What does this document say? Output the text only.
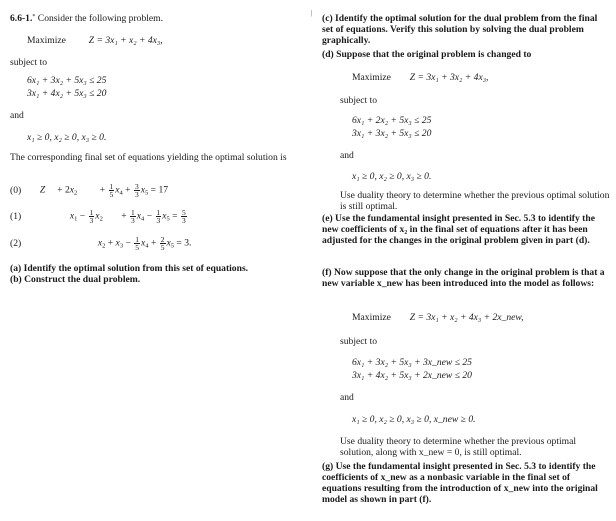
|
6.6-1.* Consider the following problem.
Maximize Z = 3x₁ + x₂ + 4x₃,
subject to
6x₁ + 3x₂ + 5x₃ ≤ 25
3x₁ + 4x₂ + 5x₃ ≤ 20
and
x₁ ≥ 0, x₂ ≥ 0, x₃ ≥ 0.
The corresponding final set of equations yielding the optimal solution is
(0) $Z + 2x_2 + \frac{1}{5} x_4 + \frac{3}{3} x_5 = 17$
(1)	$x_1 - \frac{1}{3} x_2 + \frac{1}{3} x_4 - \frac{1}{3} x_5 = \frac{5}{3}$
(2)	$x_2 + x_3 - \frac{1}{5} x_4 + \frac{2}{5} x_5 = 3$.
(a) Identify the optimal solution from this set of equations.
(b) Construct the dual problem.
(c) Identify the optimal solution for the dual problem from the final set of equations. Verify this solution by solving the dual problem graphically.
(d) Suppose that the original problem is changed to
Maximize Z = 3x₁ + 3x₂ + 4x₃,
subject to
6x₁ + 2x₂ + 5x₃ ≤ 25
3x₁ + 3x₂ + 5x₃ ≤ 20
and
x₁ ≥ 0, x₂ ≥ 0, x₃ ≥ 0.
Use duality theory to determine whether the previous optimal solution is still optimal.
(e) Use the fundamental insight presented in Sec. 5.3 to identify the new coefficients of x₂ in the final set of equations after it has been adjusted for the changes in the original problem given in part (d).
(f) Now suppose that the only change in the original problem is that a new variable x_new has been introduced into the model as follows:
Maximize Z = 3x₁ + x₂ + 4x₃ + 2x_new,
subject to
6x₁ + 3x₂ + 5x₃ + 3x_new ≤ 25
3x₁ + 4x₂ + 5x₃ + 2x_new ≤ 20
and
x₁ ≥ 0, x₂ ≥ 0, x₃ ≥ 0, x_new ≥ 0.
Use duality theory to determine whether the previous optimal solution, along with x_new = 0, is still optimal.
(g) Use the fundamental insight presented in Sec. 5.3 to identify the coefficients of x_new as a nonbasic variable in the final set of equations resulting from the introduction of x_new into the original model as shown in part (f).
